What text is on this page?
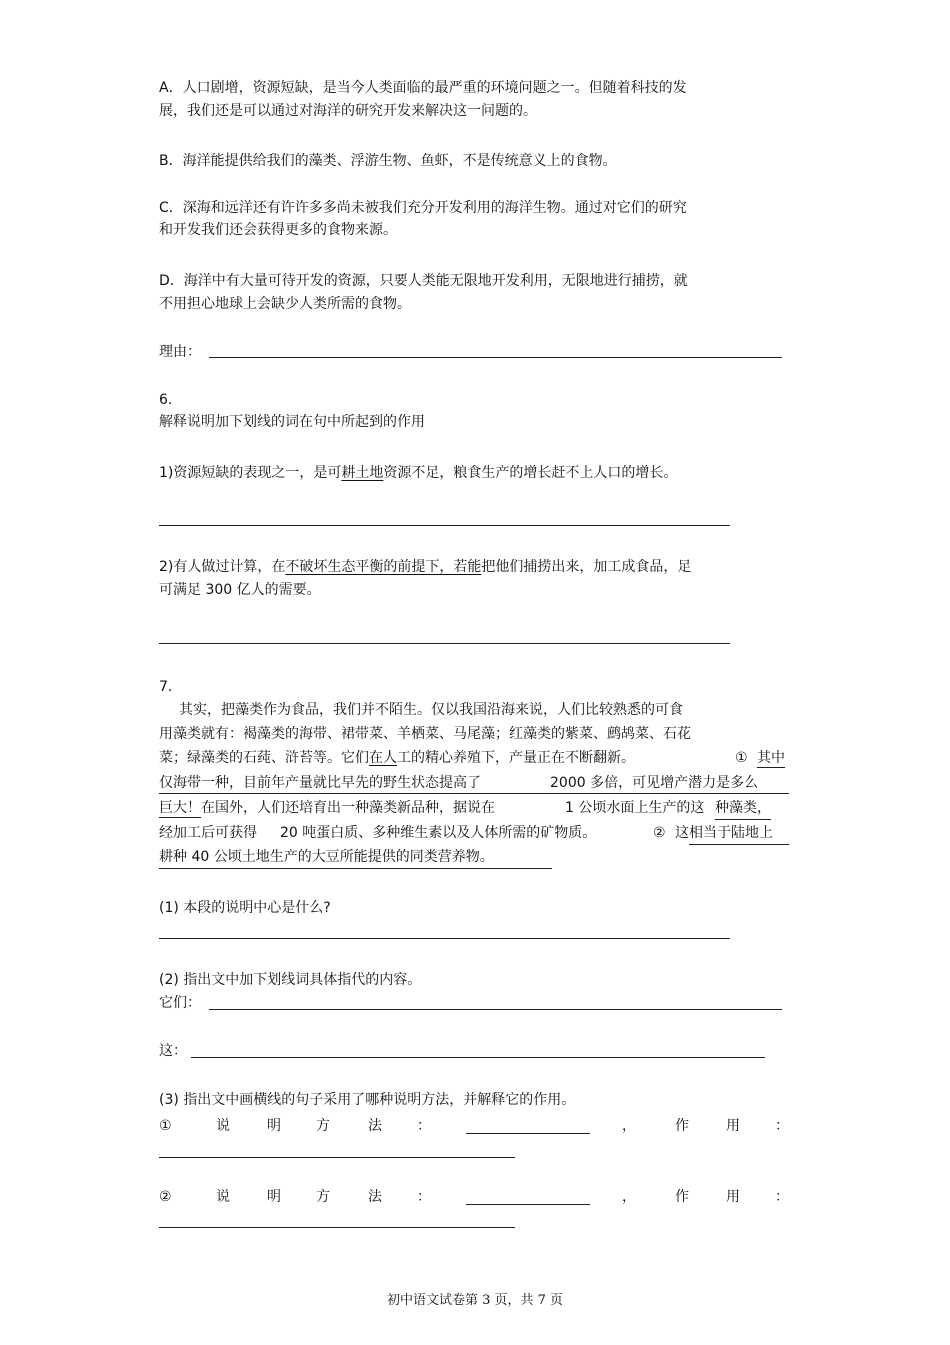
A．人口剧增，资源短缺，是当今人类面临的最严重的环境问题之一。但随着科技的发
展，我们还是可以通过对海洋的研究开发来解决这一问题的。
B．海洋能提供给我们的藻类、浮游生物、鱼虾，不是传统意义上的食物。
C．深海和远洋还有许许多多尚未被我们充分开发利用的海洋生物。通过对它们的研究
和开发我们还会获得更多的食物来源。
D．海洋中有大量可待开发的资源，只要人类能无限地开发利用，无限地进行捕捞，就
不用担心地球上会缺少人类所需的食物。
理由：
6.
解释说明加下划线的词在句中所起到的作用
1)资源短缺的表现之一，是可耕土地资源不足，粮食生产的增长赶不上人口的增长。
2)有人做过计算，在不破坏生态平衡的前提下，若能把他们捕捞出来，加工成食品，足
可满足 300 亿人的需要。
7.
其实，把藻类作为食品，我们并不陌生。仅以我国沿海来说，人们比较熟悉的可食
用藻类就有：褐藻类的海带、裙带菜、羊栖菜、马尾藻；红藻类的紫菜、鹧鸪菜、石花
菜；绿藻类的石莼、浒苔等。它们在人工的精心养殖下，产量正在不断翻新。	① 其中
仅海带一种，目前年产量就比早先的野生状态提高了	2000 多倍，可见增产潜力是多么
巨大！在国外，人们还培育出一种藻类新品种，据说在	1 公顷水面上生产的这 种藻类，
经加工后可获得 20 吨蛋白质、多种维生素以及人体所需的矿物质。	② 这 相当于陆地上
耕种 40 公顷土地生产的大豆所能提供的同类营养物。
(1) 本段的说明中心是什么?
(2) 指出文中加下划线词具体指代的内容。
它们：
这：
(3) 指出文中画横线的句子采用了哪种说明方法，并解释它的作用。
①	说	明	方	法	：	，	作	用	：
②	说	明	方	法	：	，	作	用	：
初中语文试卷第 3 页，共 7 页
